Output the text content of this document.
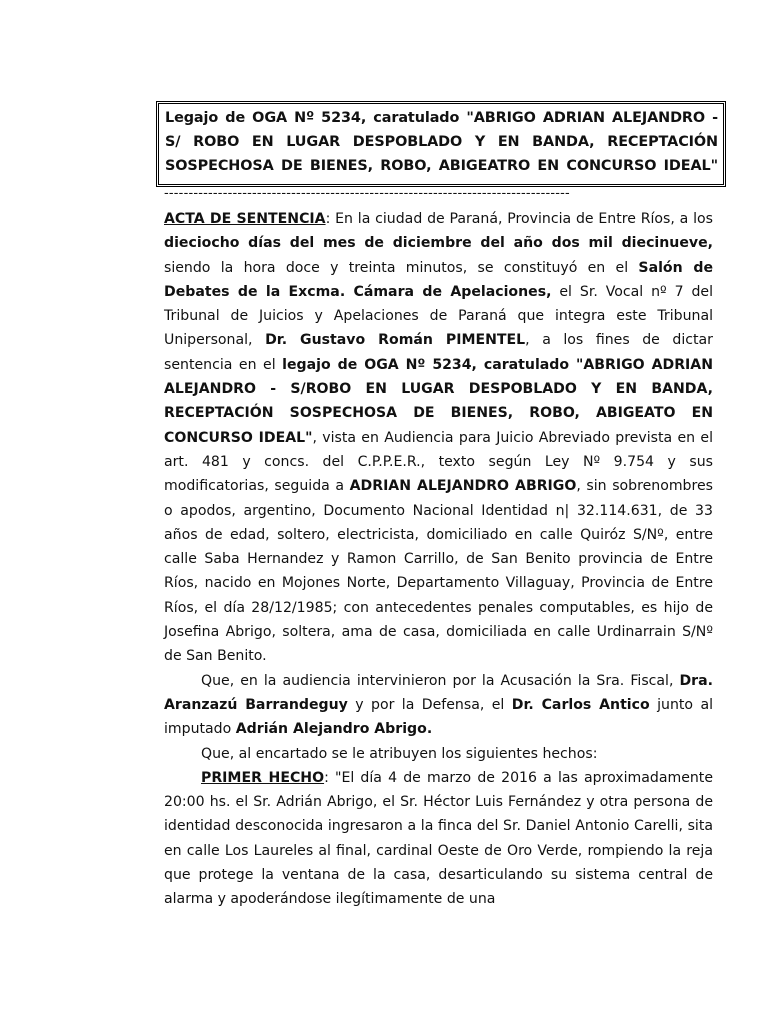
Legajo de OGA Nº 5234, caratulado "ABRIGO ADRIAN ALEJANDRO - S/ ROBO EN LUGAR DESPOBLADO Y EN BANDA, RECEPTACIÓN SOSPECHOSA DE BIENES, ROBO, ABIGEATRO EN CONCURSO IDEAL"

-----------------------------------------------------------------------------------

ACTA DE SENTENCIA: En la ciudad de Paraná, Provincia de Entre Ríos, a los dieciocho días del mes de diciembre del año dos mil diecinueve, siendo la hora doce y treinta minutos, se constituyó en el Salón de Debates de la Excma. Cámara de Apelaciones, el Sr. Vocal nº 7 del Tribunal de Juicios y Apelaciones de Paraná que integra este Tribunal Unipersonal, Dr. Gustavo Román PIMENTEL, a los fines de dictar sentencia en el legajo de OGA Nº 5234, caratulado "ABRIGO ADRIAN ALEJANDRO - S/ROBO EN LUGAR DESPOBLADO Y EN BANDA, RECEPTACIÓN SOSPECHOSA DE BIENES, ROBO, ABIGEATO EN CONCURSO IDEAL", vista en Audiencia para Juicio Abreviado prevista en el art. 481 y concs. del C.P.P.E.R., texto según Ley Nº 9.754 y sus modificatorias, seguida a ADRIAN ALEJANDRO ABRIGO, sin sobrenombres o apodos, argentino, Documento Nacional Identidad n| 32.114.631, de 33 años de edad, soltero, electricista, domiciliado en calle Quiróz S/Nº, entre calle Saba Hernandez y Ramon Carrillo, de San Benito provincia de Entre Ríos, nacido en Mojones Norte, Departamento Villaguay, Provincia de Entre Ríos, el día 28/12/1985; con antecedentes penales computables, es hijo de Josefina Abrigo, soltera, ama de casa, domiciliada en calle Urdinarrain S/Nº de San Benito.

Que, en la audiencia intervinieron por la Acusación la Sra. Fiscal, Dra. Aranzazú Barrandeguy y por la Defensa, el Dr. Carlos Antico junto al imputado Adrián Alejandro Abrigo.

Que, al encartado se le atribuyen los siguientes hechos:

PRIMER HECHO: "El día 4 de marzo de 2016 a las aproximadamente 20:00 hs. el Sr. Adrián Abrigo, el Sr. Héctor Luis Fernández y otra persona de identidad desconocida ingresaron a la finca del Sr. Daniel Antonio Carelli, sita en calle Los Laureles al final, cardinal Oeste de Oro Verde, rompiendo la reja que protege la ventana de la casa, desarticulando su sistema central de alarma y apoderándose ilegítimamente de una
